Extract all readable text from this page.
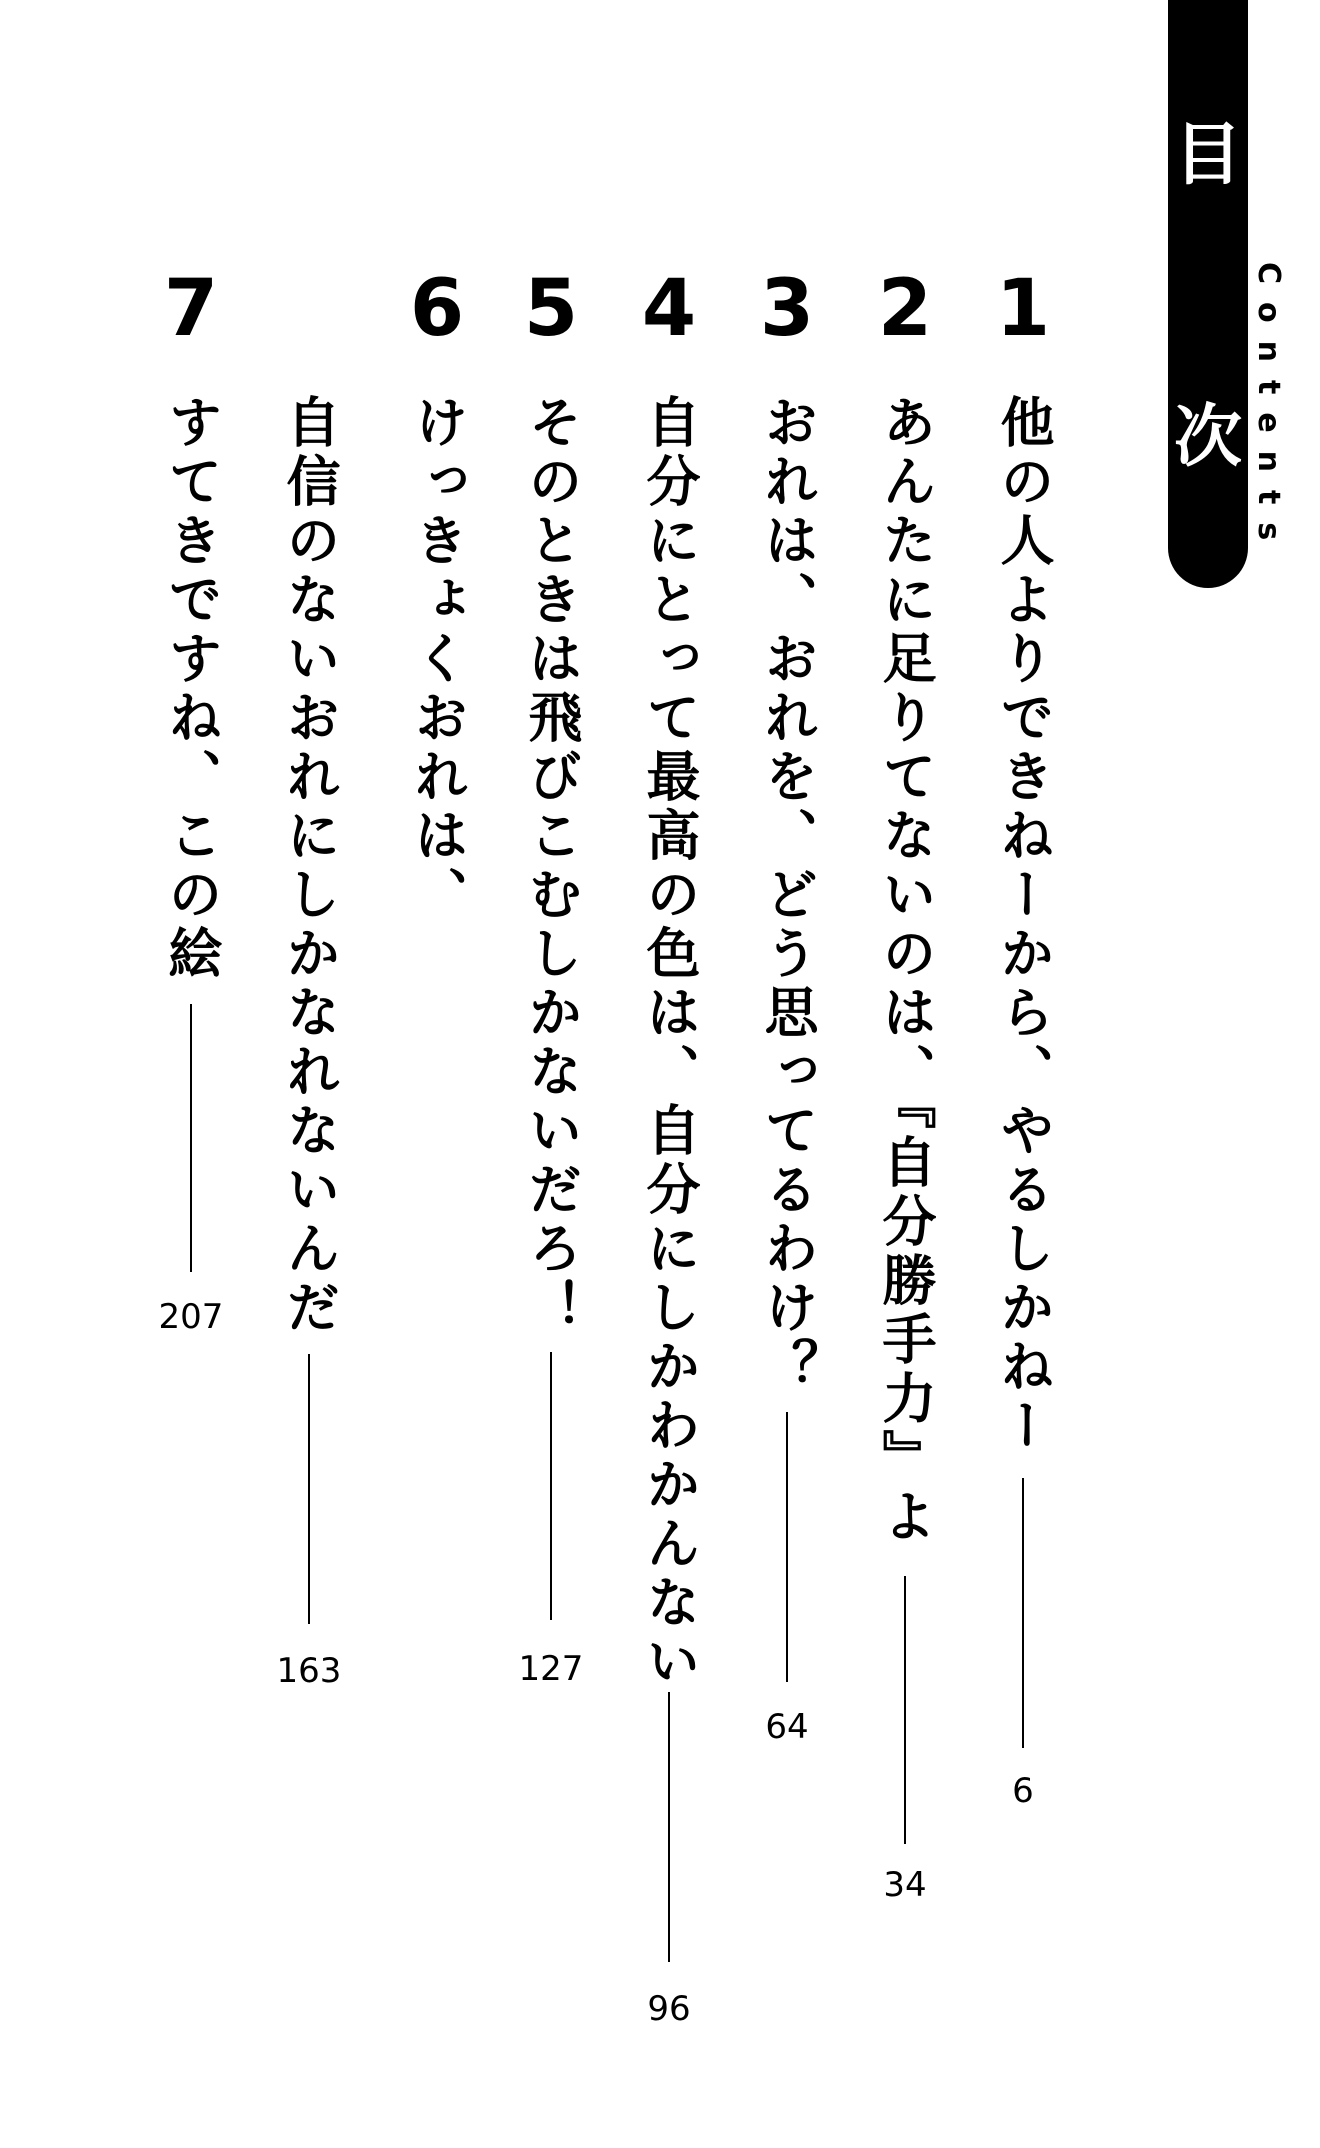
目
次 Contents
1
他の人よりできねーから、やるしかねー
6
2
あんたに足りてないのは、『自分勝手力』よ
34
3
おれは、おれを、どう思ってるわけ？
64
4
自分にとって最高の色は、自分にしかわかんない
96
5
そのときは飛びこむしかないだろ！
127
6
けっきょくおれは、
自信のないおれにしかなれないんだ
163
7
すてきですね、この絵
207
